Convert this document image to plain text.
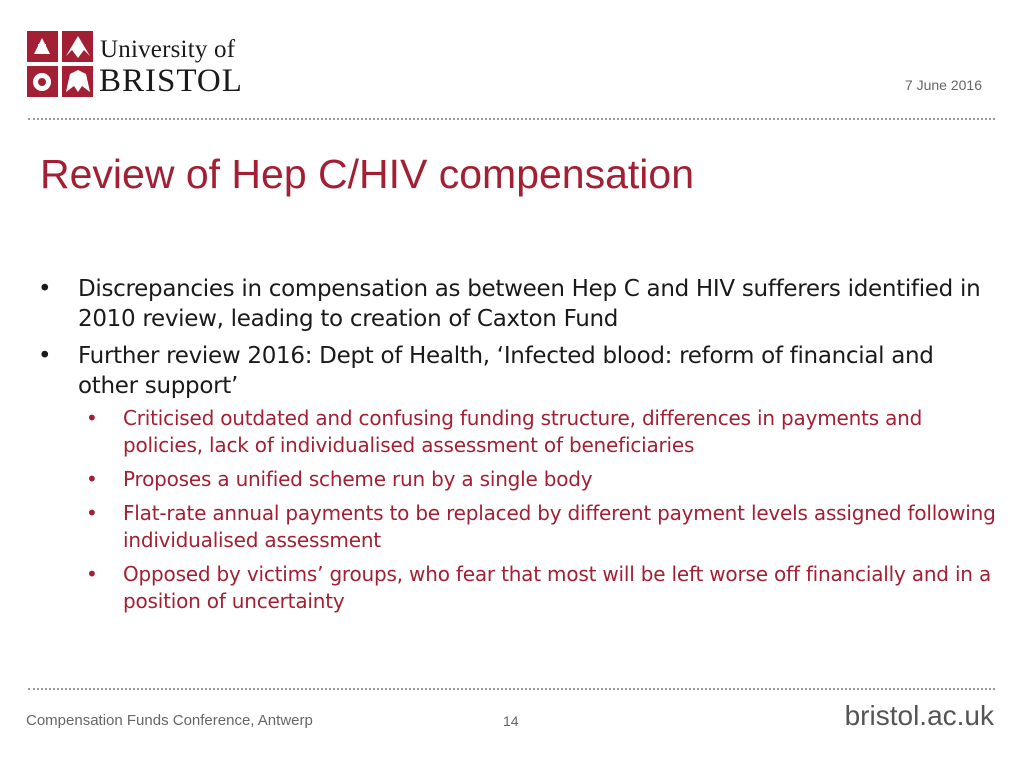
University of
BRISTOL	7 June 2016
Review of Hep C/HIV compensation
• Discrepancies in compensation as between Hep C and HIV sufferers identified in 2010 review, leading to creation of Caxton Fund
• Further review 2016: Dept of Health, ‘Infected blood: reform of financial and other support’
• Criticised outdated and confusing funding structure, differences in payments and policies, lack of individualised assessment of beneficiaries
• Proposes a unified scheme run by a single body
• Flat-rate annual payments to be replaced by different payment levels assigned following individualised assessment
• Opposed by victims’ groups, who fear that most will be left worse off financially and in a position of uncertainty
Compensation Funds Conference, Antwerp	14	bristol.ac.uk
